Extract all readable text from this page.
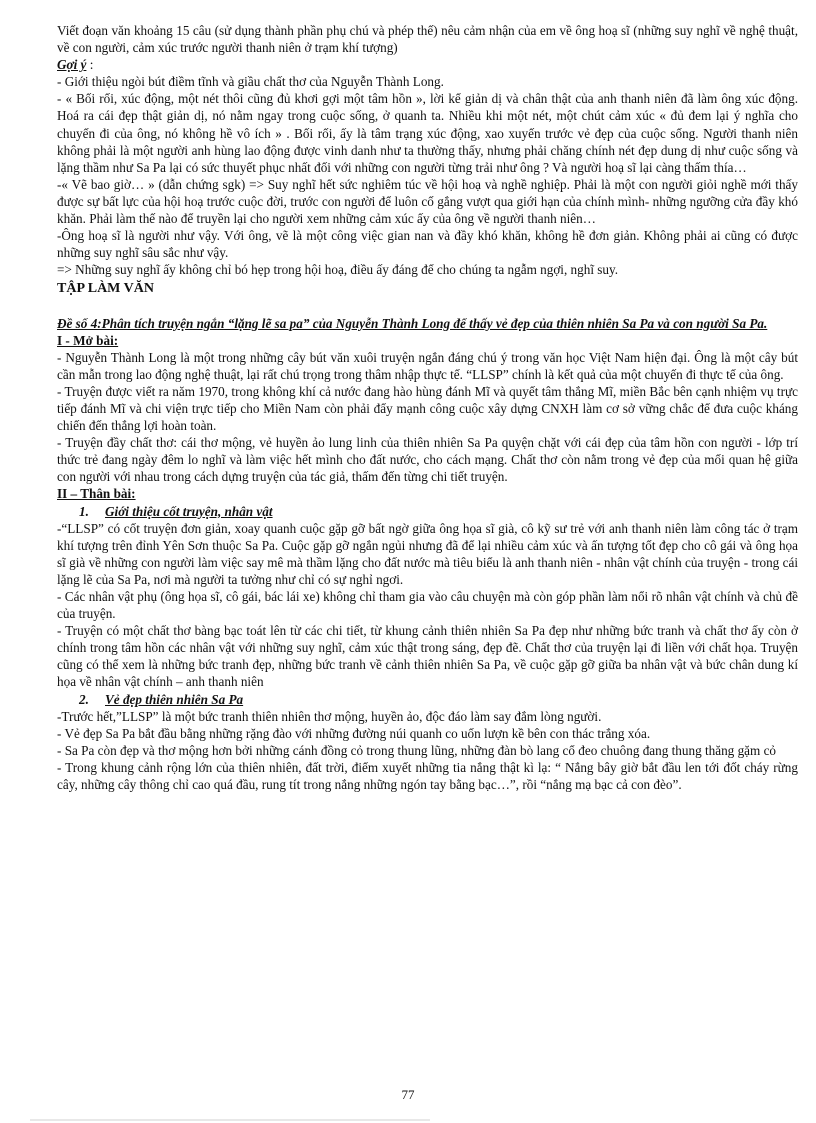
Viết đoạn văn khoảng 15 câu (sử dụng thành phần phụ chú và phép thế) nêu cảm nhận của em về ông hoạ sĩ (những suy nghĩ về nghệ thuật, về con người, cảm xúc trước người thanh niên ở trạm khí tượng)

Gợi ý :

- Giới thiệu ngòi bút điềm tĩnh và giầu chất thơ của Nguyễn Thành Long.

- « Bối rối, xúc động, một nét thôi cũng đủ khơi gợi một tâm hồn », lời kể giản dị và chân thật của anh thanh niên đã làm ông xúc động. Hoá ra cái đẹp thật giản dị, nó nằm ngay trong cuộc sống, ở quanh ta. Nhiều khi một nét, một chút cảm xúc « đủ đem lại ý nghĩa cho chuyến đi của ông, nó không hề vô ích » . Bối rối, ấy là tâm trạng xúc động, xao xuyến trước vẻ đẹp của cuộc sống. Người thanh niên không phải là một người anh hùng lao động được vinh danh như ta thường thấy, nhưng phải chăng chính nét đẹp dung dị như cuộc sống và lặng thầm như Sa Pa lại có sức thuyết phục nhất đối với những con người từng trải như ông ? Và người hoạ sĩ lại càng thấm thía…

-« Vẽ bao giờ… » (dẫn chứng sgk) => Suy nghĩ hết sức nghiêm túc về hội hoạ và nghề nghiệp. Phải là một con người giỏi nghề mới thấy được sự bất lực của hội hoạ trước cuộc đời, trước con người để luôn cố gắng vượt qua giới hạn của chính mình- những ngưỡng cửa đầy khó khăn. Phải làm thế nào để truyền lại cho người xem những cảm xúc ấy của ông về người thanh niên…

-Ông hoạ sĩ là người như vậy. Với ông, vẽ là một công việc gian nan và đầy khó khăn, không hề đơn giản. Không phải ai cũng có được những suy nghĩ sâu sắc như vậy.

=> Những suy nghĩ ấy không chỉ bó hẹp trong hội hoạ, điều ấy đáng để cho chúng ta ngẫm ngợi, nghĩ suy.

TẬP LÀM VĂN

Đề số 4:Phân tích truyện ngắn “lặng lẽ sa pa” của Nguyễn Thành Long để thấy vẻ đẹp của thiên nhiên Sa Pa và con người Sa Pa.

I - Mở bài:

- Nguyễn Thành Long là một trong những cây bút văn xuôi truyện ngắn đáng chú ý trong văn học Việt Nam hiện đại. Ông là một cây bút cần mẫn trong lao động nghệ thuật, lại rất chú trọng trong thâm nhập thực tế. “LLSP” chính là kết quả của một chuyến đi thực tế của ông.

- Truyện được viết ra năm 1970, trong không khí cả nước đang hào hùng đánh Mĩ và quyết tâm thắng Mĩ, miền Bắc bên cạnh nhiệm vụ trực tiếp đánh Mĩ và chi viện trực tiếp cho Miền Nam còn phải đẩy mạnh công cuộc xây dựng CNXH làm cơ sở vững chắc để đưa cuộc kháng chiến đến thắng lợi hoàn toàn.

- Truyện đầy chất thơ: cái thơ mộng, vẻ huyền ảo lung linh của thiên nhiên Sa Pa quyện chặt với cái đẹp của tâm hồn con người - lớp trí thức trẻ đang ngày đêm lo nghĩ và làm việc hết mình cho đất nước, cho cách mạng. Chất thơ còn nằm trong vẻ đẹp của mối quan hệ giữa con người với nhau trong cách dựng truyện của tác giả, thấm đến từng chi tiết truyện.

II – Thân bài:

1. Giới thiệu cốt truyện, nhân vật

-“LLSP” có cốt truyện đơn giản, xoay quanh cuộc gặp gỡ bất ngờ giữa ông họa sĩ già, cô kỹ sư trẻ với anh thanh niên làm công tác ở trạm khí tượng trên đỉnh Yên Sơn thuộc Sa Pa. Cuộc gặp gỡ ngắn ngủi nhưng đã để lại nhiều cảm xúc và ấn tượng tốt đẹp cho cô gái và ông họa sĩ già về những con người làm việc say mê mà thầm lặng cho đất nước mà tiêu biểu là anh thanh niên - nhân vật chính của truyện - trong cái lặng lẽ của Sa Pa, nơi mà người ta tưởng như chỉ có sự nghỉ ngơi.

- Các nhân vật phụ (ông họa sĩ, cô gái, bác lái xe) không chỉ tham gia vào câu chuyện mà còn góp phần làm nổi rõ nhân vật chính và chủ đề của truyện.

- Truyện có một chất thơ bàng bạc toát lên từ các chi tiết, từ khung cảnh thiên nhiên Sa Pa đẹp như những bức tranh và chất thơ ấy còn ở chính trong tâm hồn các nhân vật với những suy nghĩ, cảm xúc thật trong sáng, đẹp đẽ. Chất thơ của truyện lại đi liền với chất họa. Truyện cũng có thể xem là những bức tranh đẹp, những bức tranh về cảnh thiên nhiên Sa Pa, về cuộc gặp gỡ giữa ba nhân vật và bức chân dung kí họa về nhân vật chính – anh thanh niên

2. Vẻ đẹp thiên nhiên Sa Pa

-Trước hết,”LLSP” là một bức tranh thiên nhiên thơ mộng, huyền ảo, độc đáo làm say đắm lòng người.

- Vẻ đẹp Sa Pa bắt đầu bằng những rặng đào với những đường núi quanh co uốn lượn kề bên con thác trắng xóa.

- Sa Pa còn đẹp và thơ mộng hơn bởi những cánh đồng cỏ trong thung lũng, những đàn bò lang cổ đeo chuông đang thung thăng gặm cỏ

- Trong khung cảnh rộng lớn của thiên nhiên, đất trời, điểm xuyết những tia nắng thật kì lạ: “ Nắng bây giờ bắt đầu len tới đốt cháy rừng cây, những cây thông chỉ cao quá đầu, rung tít trong nắng những ngón tay bằng bạc…”, rồi “nắng mạ bạc cả con đèo”.

77
